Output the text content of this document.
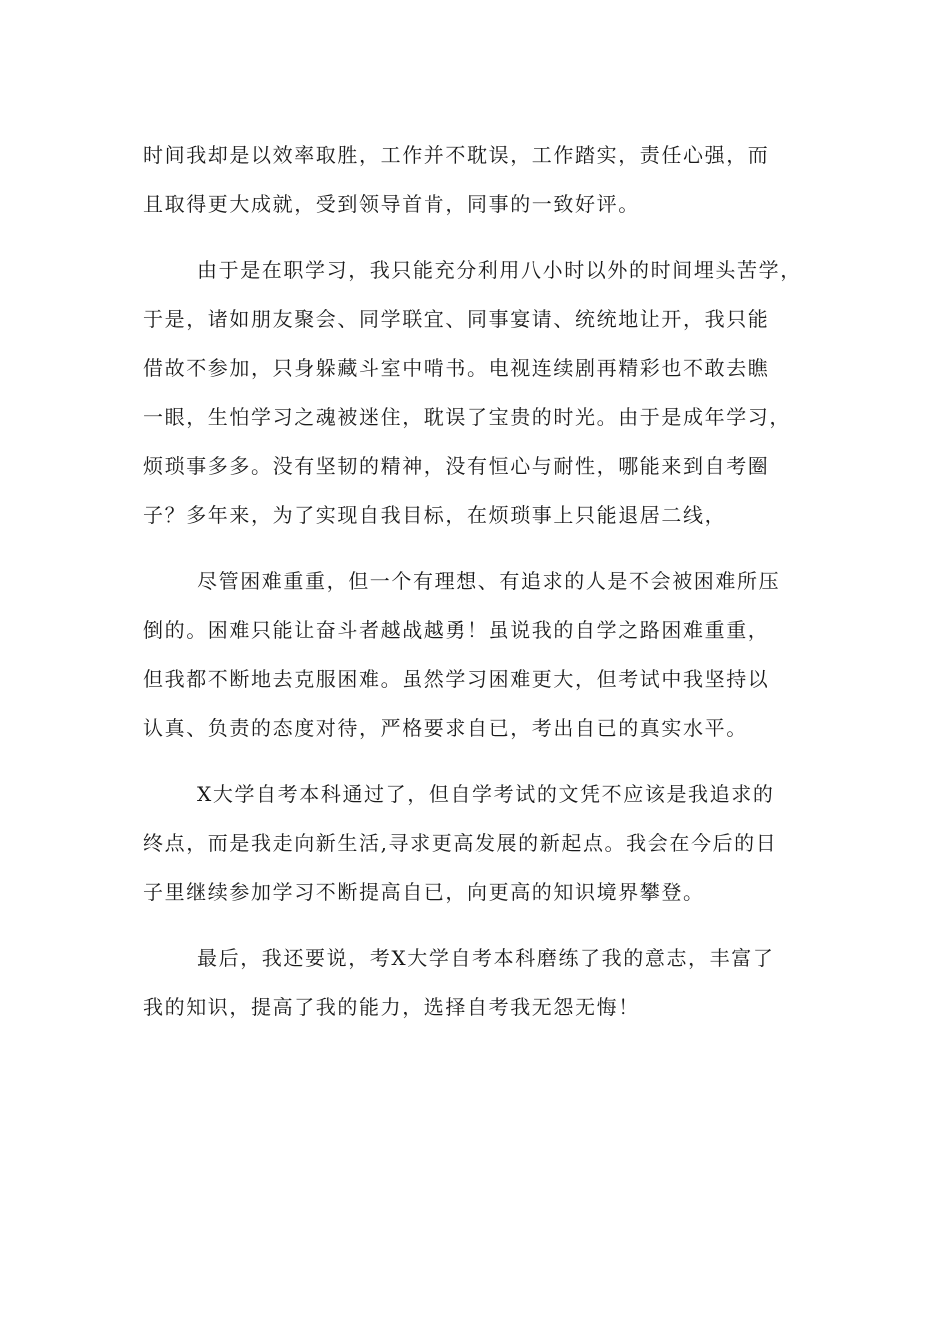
时间我却是以效率取胜，工作并不耽误，工作踏实，责任心强，而
且取得更大成就，受到领导首肯，同事的一致好评。
由于是在职学习，我只能充分利用八小时以外的时间埋头苦学，
于是，诸如朋友聚会、同学联宜、同事宴请、统统地让开，我只能
借故不参加，只身躲藏斗室中啃书。电视连续剧再精彩也不敢去瞧
一眼，生怕学习之魂被迷住，耽误了宝贵的时光。由于是成年学习，
烦琐事多多。没有坚韧的精神，没有恒心与耐性，哪能来到自考圈
子？多年来，为了实现自我目标，在烦琐事上只能退居二线，
尽管困难重重，但一个有理想、有追求的人是不会被困难所压
倒的。困难只能让奋斗者越战越勇！虽说我的自学之路困难重重，
但我都不断地去克服困难。虽然学习困难更大，但考试中我坚持以
认真、负责的态度对待，严格要求自已，考出自已的真实水平。
X大学自考本科通过了，但自学考试的文凭不应该是我追求的
终点，而是我走向新生活,寻求更高发展的新起点。我会在今后的日
子里继续参加学习不断提高自已，向更高的知识境界攀登。
最后，我还要说，考X大学自考本科磨练了我的意志，丰富了
我的知识，提高了我的能力，选择自考我无怨无悔！
